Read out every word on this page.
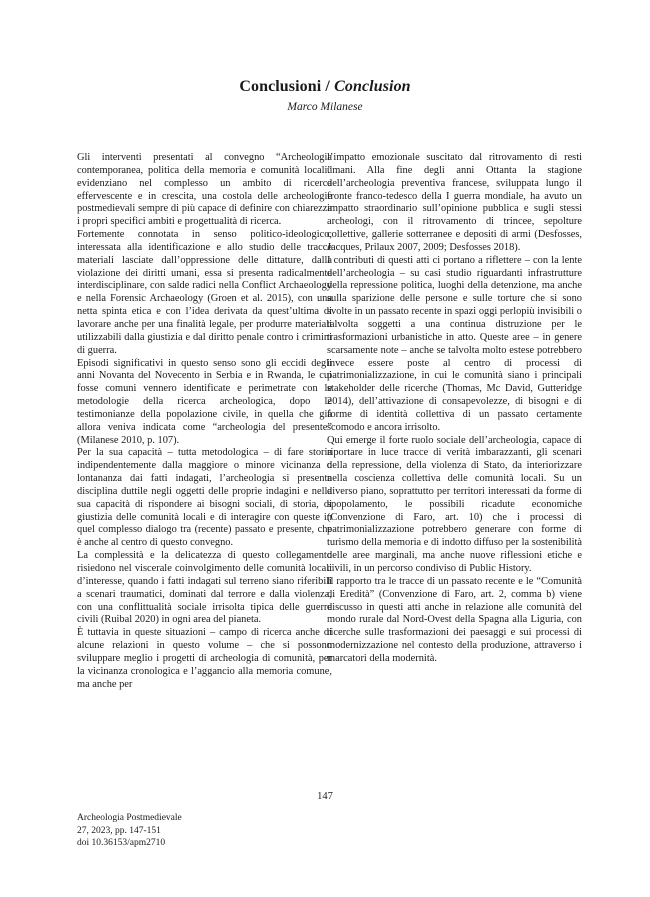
Conclusioni / Conclusion
Marco Milanese

Gli interventi presentati al convegno “Archeologia contemporanea, politica della memoria e comunità locali” evidenziano nel complesso un ambito di ricerca effervescente e in crescita, una costola delle archeologie postmedievali sempre di più capace di definire con chiarezza i propri specifici ambiti e progettualità di ricerca.

Fortemente connotata in senso politico-ideologico, interessata alla identificazione e allo studio delle tracce materiali lasciate dall’oppressione delle dittature, dalla violazione dei diritti umani, essa si presenta radicalmente interdisciplinare, con salde radici nella Conflict Archaeology e nella Forensic Archaeology (Groen et al. 2015), con una netta spinta etica e con l’idea derivata da quest’ultima di lavorare anche per una finalità legale, per produrre materiali utilizzabili dalla giustizia e dal diritto penale contro i crimini di guerra.

Episodi significativi in questo senso sono gli eccidi degli anni Novanta del Novecento in Serbia e in Rwanda, le cui fosse comuni vennero identificate e perimetrate con le metodologie della ricerca archeologica, dopo le testimonianze della popolazione civile, in quella che già allora veniva indicata come “archeologia del presente” (Milanese 2010, p. 107).

Per la sua capacità – tutta metodologica – di fare storia indipendentemente dalla maggiore o minore vicinanza o lontananza dai fatti indagati, l’archeologia si presenta disciplina duttile negli oggetti delle proprie indagini e nella sua capacità di rispondere ai bisogni sociali, di storia, di giustizia delle comunità locali e di interagire con queste in quel complesso dialogo tra (recente) passato e presente, che è anche al centro di questo convegno.

La complessità e la delicatezza di questo collegamento risiedono nel viscerale coinvolgimento delle comunità locali d’interesse, quando i fatti indagati sul terreno siano riferibili a scenari traumatici, dominati dal terrore e dalla violenza, con una conflittualità sociale irrisolta tipica delle guerre civili (Ruibal 2020) in ogni area del pianeta.

È tuttavia in queste situazioni – campo di ricerca anche di alcune relazioni in questo volume – che si possono sviluppare meglio i progetti di archeologia di comunità, per la vicinanza cronologica e l’aggancio alla memoria comune, ma anche per

l’impatto emozionale suscitato dal ritrovamento di resti umani. Alla fine degli anni Ottanta la stagione dell’archeologia preventiva francese, sviluppata lungo il fronte franco-tedesco della I guerra mondiale, ha avuto un impatto straordinario sull’opinione pubblica e sugli stessi archeologi, con il ritrovamento di trincee, sepolture collettive, gallerie sotterranee e depositi di armi (Desfosses, Jacques, Prilaux 2007, 2009; Desfosses 2018).

I contributi di questi atti ci portano a riflettere – con la lente dell’archeologia – su casi studio riguardanti infrastrutture della repressione politica, luoghi della detenzione, ma anche sulla sparizione delle persone e sulle torture che si sono svolte in un passato recente in spazi oggi perlopiù invisibili o talvolta soggetti a una continua distruzione per le trasformazioni urbanistiche in atto. Queste aree – in genere scarsamente note – anche se talvolta molto estese potrebbero invece essere poste al centro di processi di patrimonializzazione, in cui le comunità siano i principali stakeholder delle ricerche (Thomas, Mc David, Gutteridge 2014), dell’attivazione di consapevolezze, di bisogni e di forme di identità collettiva di un passato certamente scomodo e ancora irrisolto.

Qui emerge il forte ruolo sociale dell’archeologia, capace di riportare in luce tracce di verità imbarazzanti, gli scenari della repressione, della violenza di Stato, da interiorizzare nella coscienza collettiva delle comunità locali. Su un diverso piano, soprattutto per territori interessati da forme di spopolamento, le possibili ricadute economiche (Convenzione di Faro, art. 10) che i processi di patrimonializzazione potrebbero generare con forme di turismo della memoria e di indotto diffuso per la sostenibilità delle aree marginali, ma anche nuove riflessioni etiche e civili, in un percorso condiviso di Public History.

Il rapporto tra le tracce di un passato recente e le “Comunità di Eredità” (Convenzione di Faro, art. 2, comma b) viene discusso in questi atti anche in relazione alle comunità del mondo rurale dal Nord-Ovest della Spagna alla Liguria, con ricerche sulle trasformazioni dei paesaggi e sui processi di modernizzazione nel contesto della produzione, attraverso i marcatori della modernità.

147
Archeologia Postmedievale
27, 2023, pp. 147-151
doi 10.36153/apm2710
